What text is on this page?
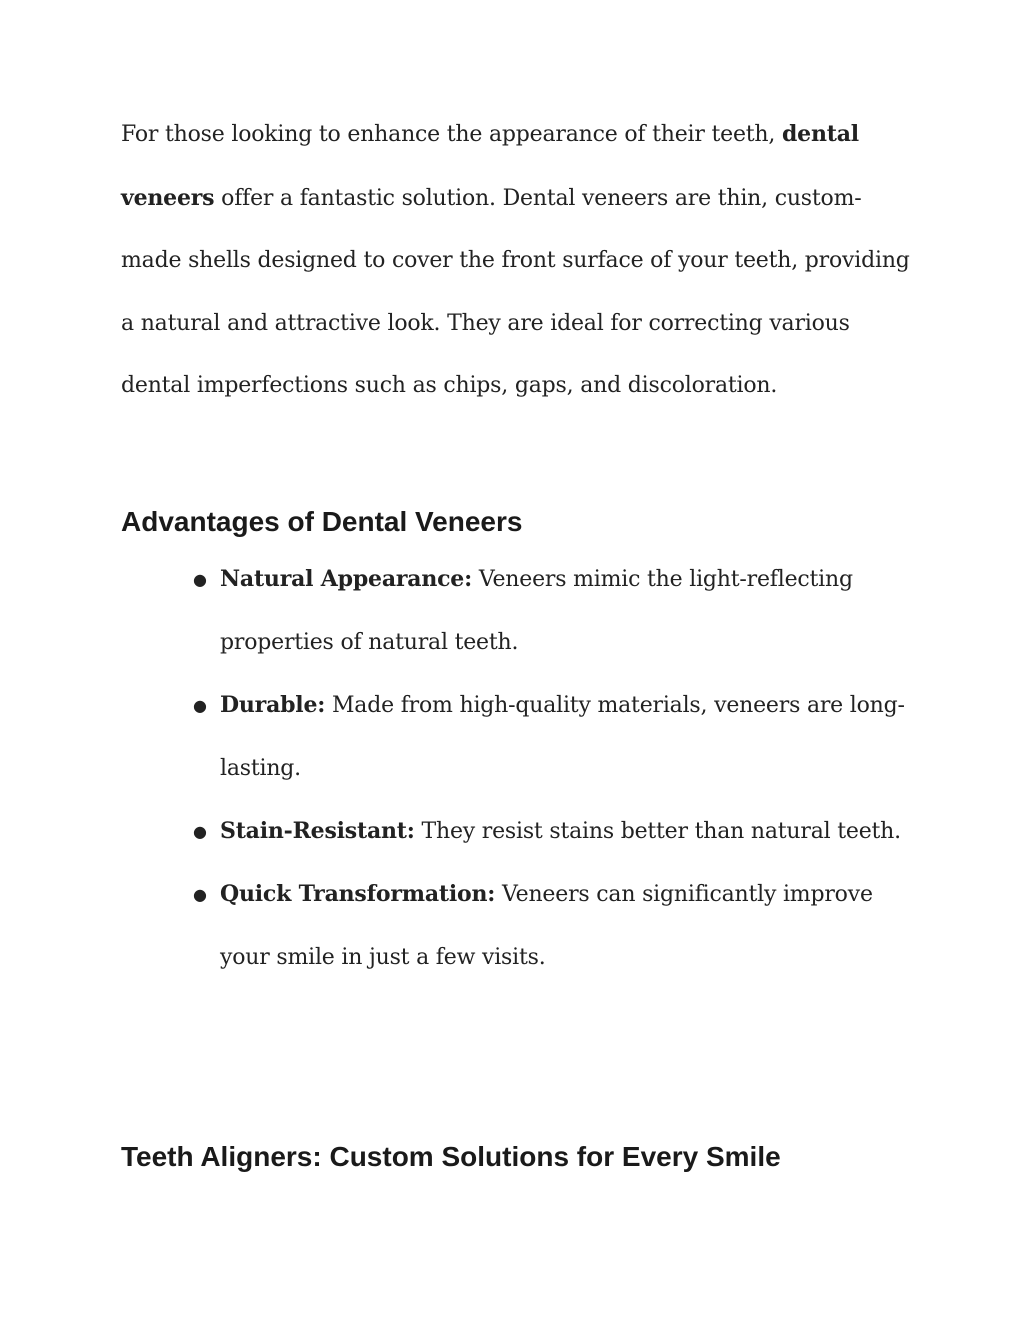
For those looking to enhance the appearance of their teeth, dental veneers offer a fantastic solution. Dental veneers are thin, custom-made shells designed to cover the front surface of your teeth, providing a natural and attractive look. They are ideal for correcting various dental imperfections such as chips, gaps, and discoloration.

Advantages of Dental Veneers
● Natural Appearance: Veneers mimic the light-reflecting properties of natural teeth.
● Durable: Made from high-quality materials, veneers are long-lasting.
● Stain-Resistant: They resist stains better than natural teeth.
● Quick Transformation: Veneers can significantly improve your smile in just a few visits.
Teeth Aligners: Custom Solutions for Every Smile
